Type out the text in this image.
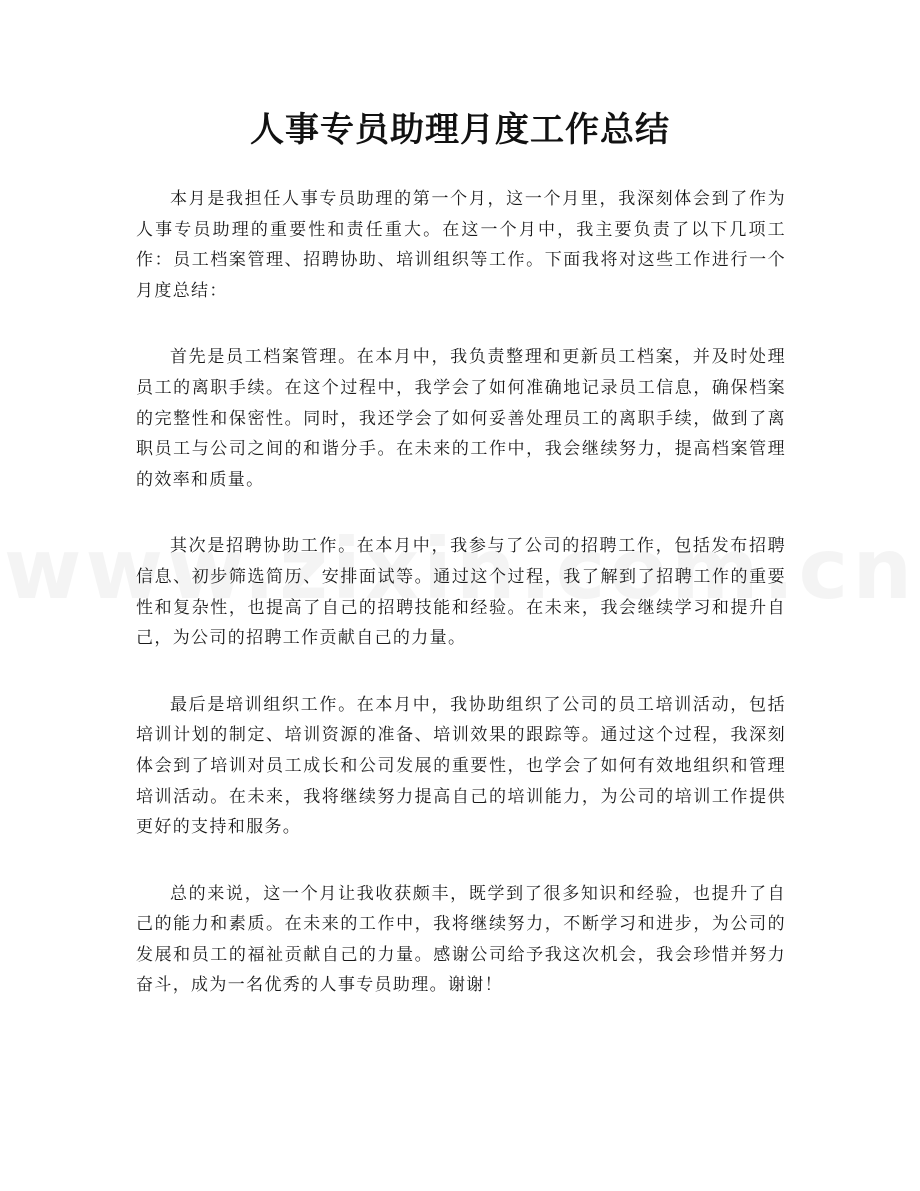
人事专员助理月度工作总结

本月是我担任人事专员助理的第一个月，这一个月里，我深刻体会到了作为人事专员助理的重要性和责任重大。在这一个月中，我主要负责了以下几项工作：员工档案管理、招聘协助、培训组织等工作。下面我将对这些工作进行一个月度总结：

首先是员工档案管理。在本月中，我负责整理和更新员工档案，并及时处理员工的离职手续。在这个过程中，我学会了如何准确地记录员工信息，确保档案的完整性和保密性。同时，我还学会了如何妥善处理员工的离职手续，做到了离职员工与公司之间的和谐分手。在未来的工作中，我会继续努力，提高档案管理的效率和质量。

其次是招聘协助工作。在本月中，我参与了公司的招聘工作，包括发布招聘信息、初步筛选简历、安排面试等。通过这个过程，我了解到了招聘工作的重要性和复杂性，也提高了自己的招聘技能和经验。在未来，我会继续学习和提升自己，为公司的招聘工作贡献自己的力量。

最后是培训组织工作。在本月中，我协助组织了公司的员工培训活动，包括培训计划的制定、培训资源的准备、培训效果的跟踪等。通过这个过程，我深刻体会到了培训对员工成长和公司发展的重要性，也学会了如何有效地组织和管理培训活动。在未来，我将继续努力提高自己的培训能力，为公司的培训工作提供更好的支持和服务。

总的来说，这一个月让我收获颇丰，既学到了很多知识和经验，也提升了自己的能力和素质。在未来的工作中，我将继续努力，不断学习和进步，为公司的发展和员工的福祉贡献自己的力量。感谢公司给予我这次机会，我会珍惜并努力奋斗，成为一名优秀的人事专员助理。谢谢！
